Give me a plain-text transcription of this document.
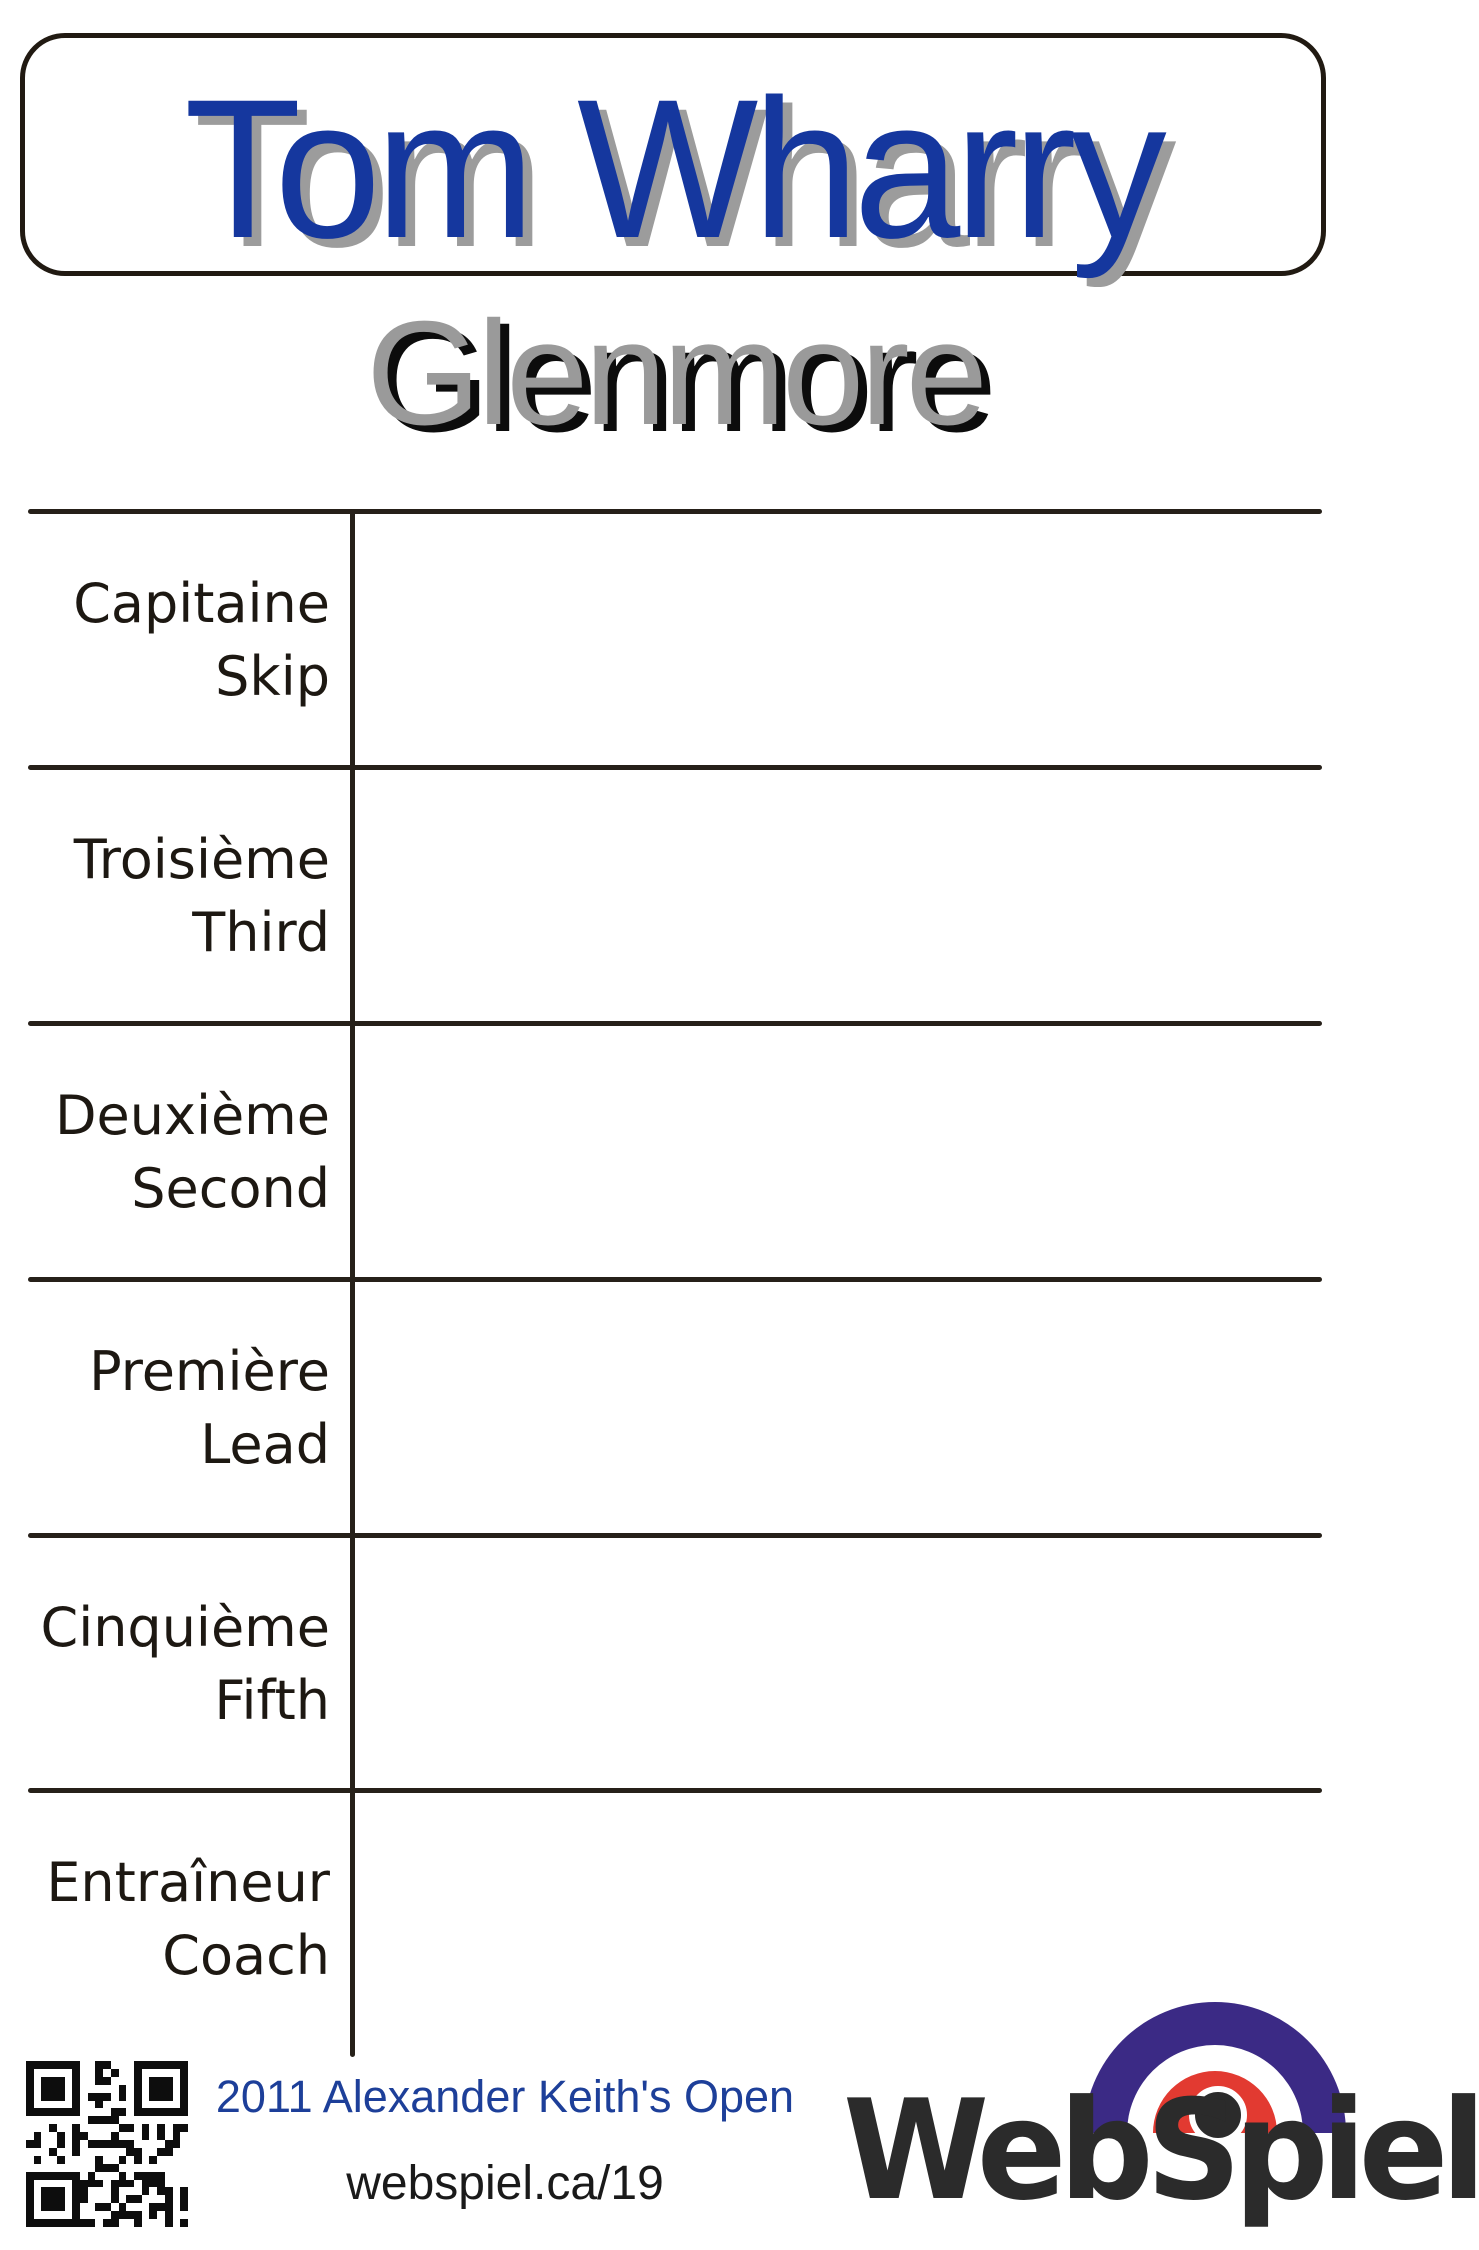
Tom Wharry
Glenmore
Capitaine
Skip
Troisième
Third
Deuxième
Second
Première
Lead
Cinquième
Fifth
Entraîneur
Coach
2011 Alexander Keith's Open
webspiel.ca/19	WebSpiel
